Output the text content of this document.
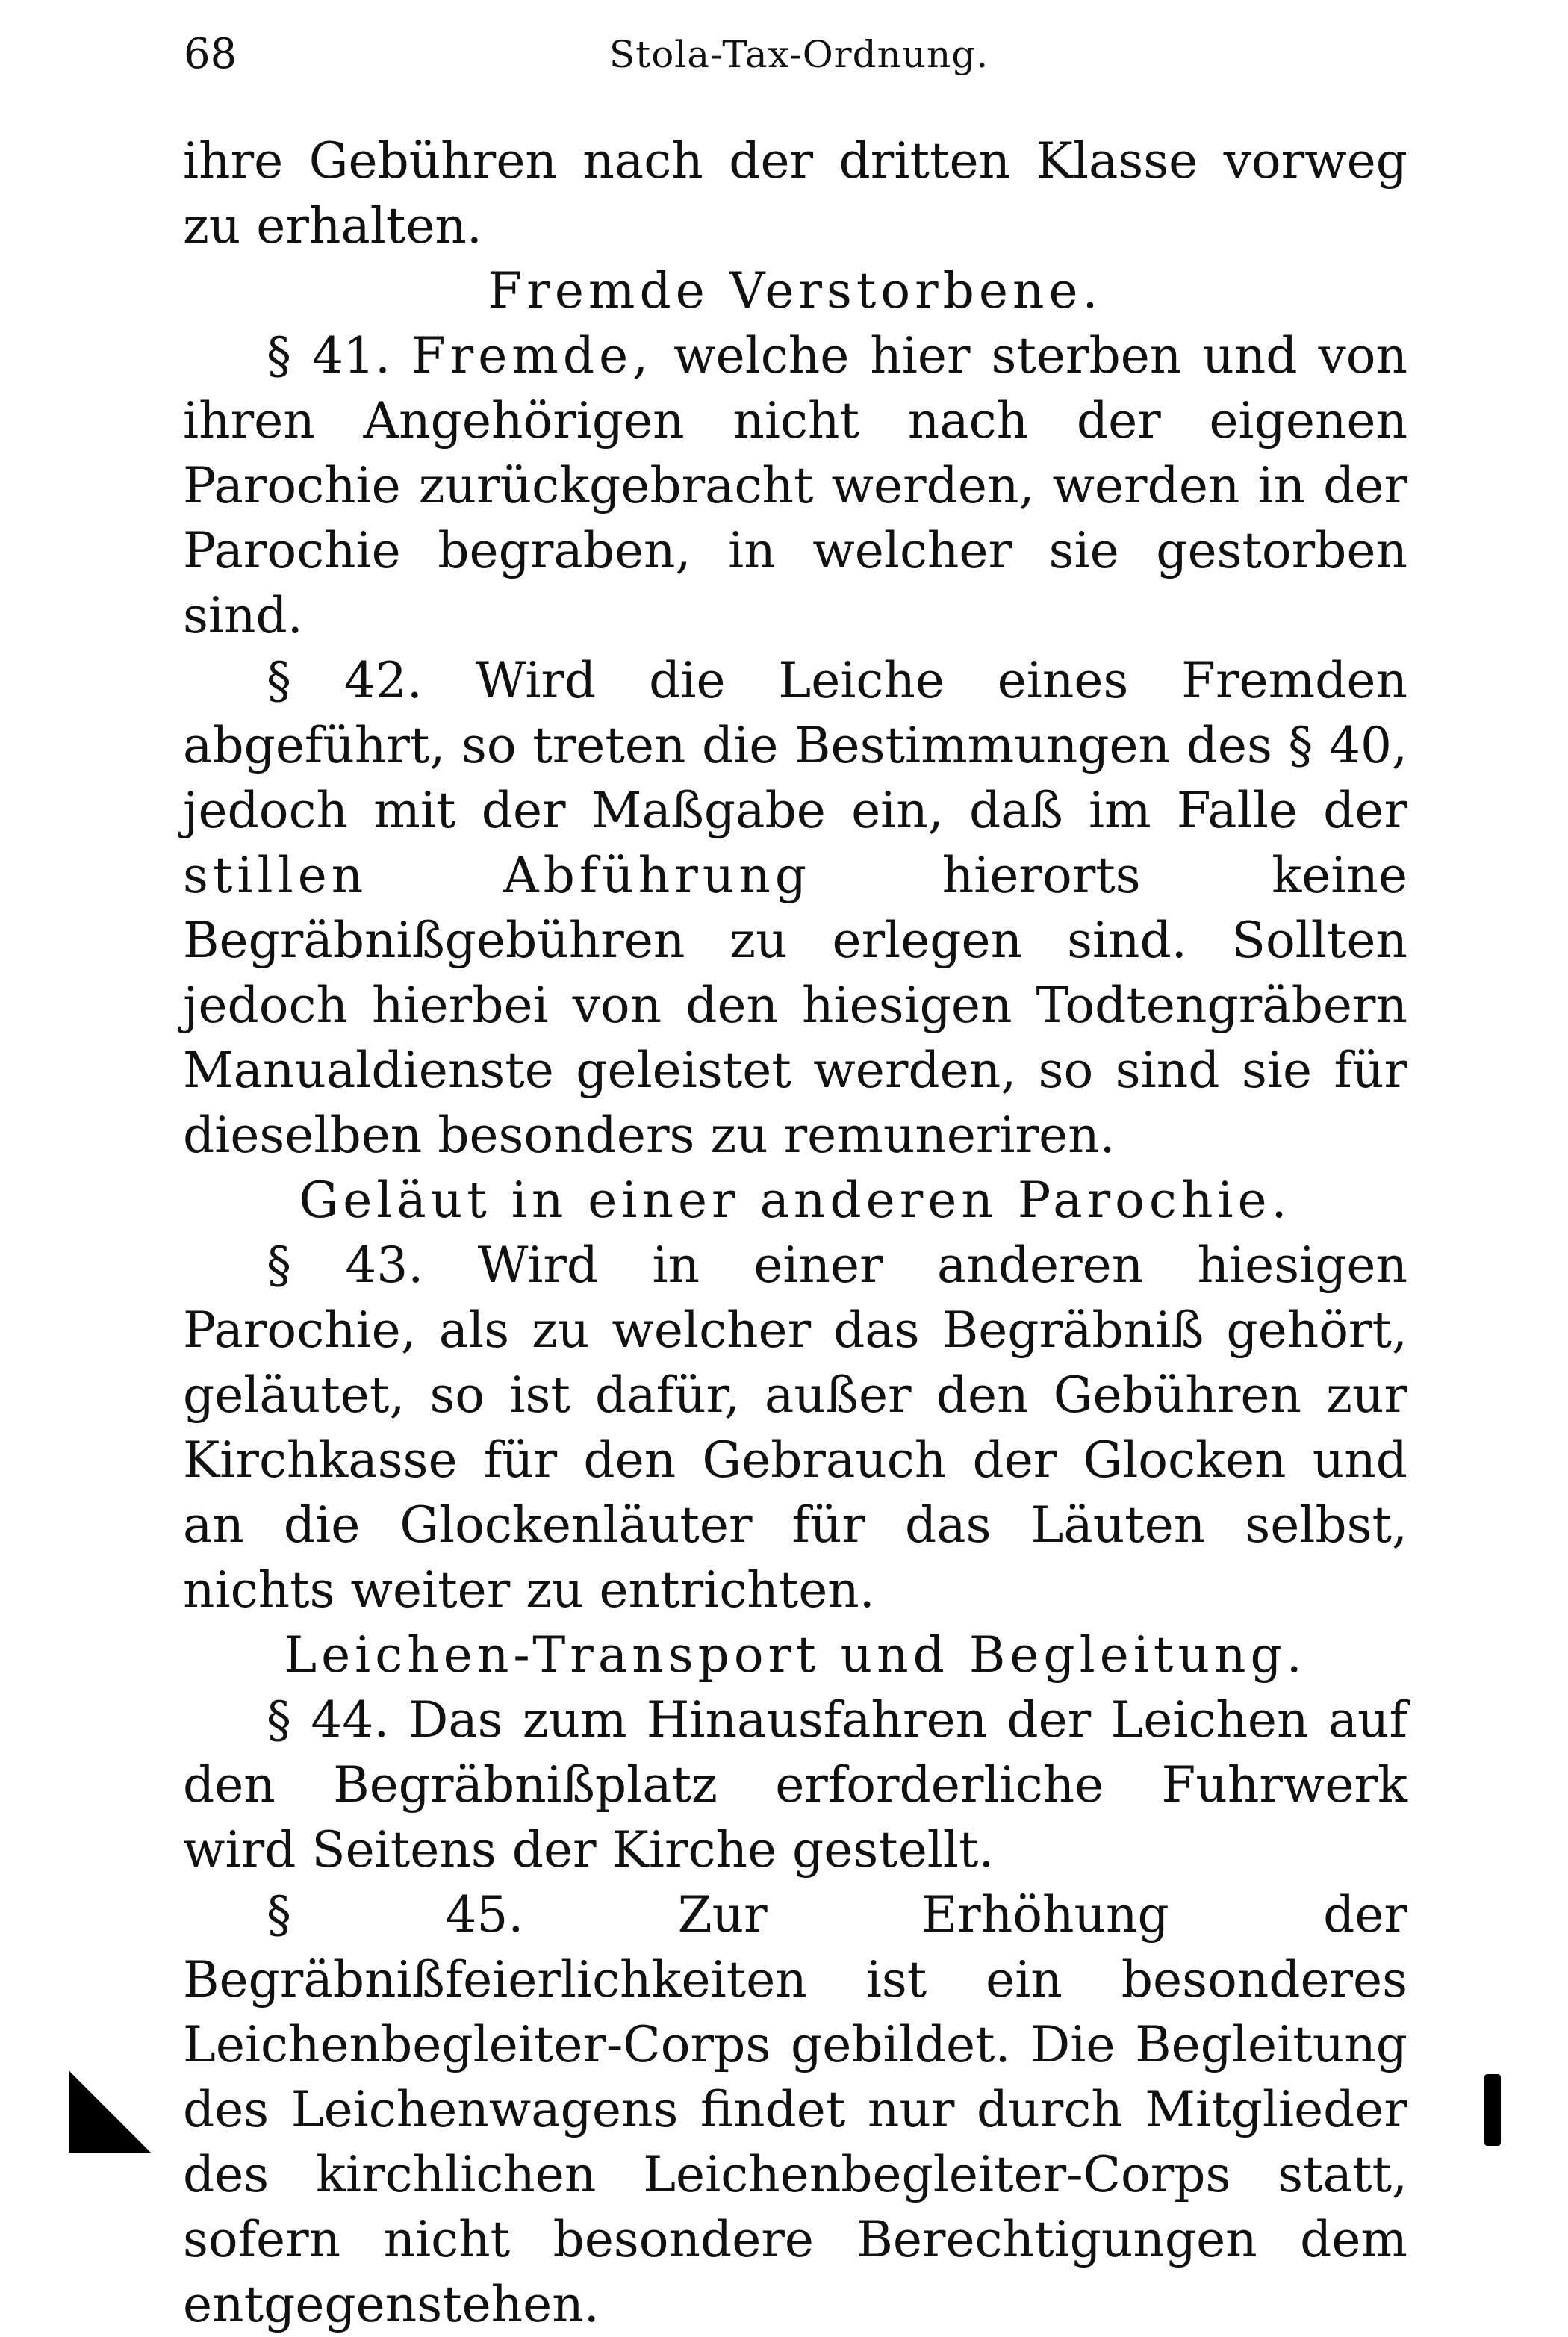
68	Stola-Tax-Ordnung.

ihre Gebühren nach der dritten Klasse vorweg zu erhalten.

Fremde Verstorbene.

§ 41. Fremde, welche hier sterben und von ihren Angehörigen nicht nach der eigenen Parochie zurückgebracht werden, werden in der Parochie begraben, in welcher sie gestorben sind.

§ 42. Wird die Leiche eines Fremden abgeführt, so treten die Bestimmungen des § 40, jedoch mit der Maßgabe ein, daß im Falle der stillen Abführung	hierorts keine Begräbnißgebühren zu erlegen sind. Sollten jedoch hierbei von den hiesigen Todtengräbern Manualdienste geleistet werden, so sind sie für dieselben besonders zu remuneriren.

Geläut in einer anderen Parochie.

§ 43. Wird in einer anderen hiesigen Parochie, als zu welcher das Begräbniß gehört, geläutet, so ist dafür, außer den Gebühren zur Kirchkasse für den Gebrauch der Glocken und an die Glockenläuter für das Läuten selbst, nichts weiter zu entrichten.

Leichen-Transport und Begleitung.

§ 44. Das zum Hinausfahren der Leichen auf den Begräbnißplatz erforderliche Fuhrwerk wird Seitens der Kirche gestellt.

§ 45.	Zur Erhöhung der Begräbnißfeierlichkeiten ist ein besonderes Leichenbegleiter-Corps gebildet. Die Begleitung des Leichenwagens findet nur durch Mitglieder des kirchlichen Leichenbegleiter-Corps statt, sofern nicht besondere Berechtigungen dem entgegenstehen.
